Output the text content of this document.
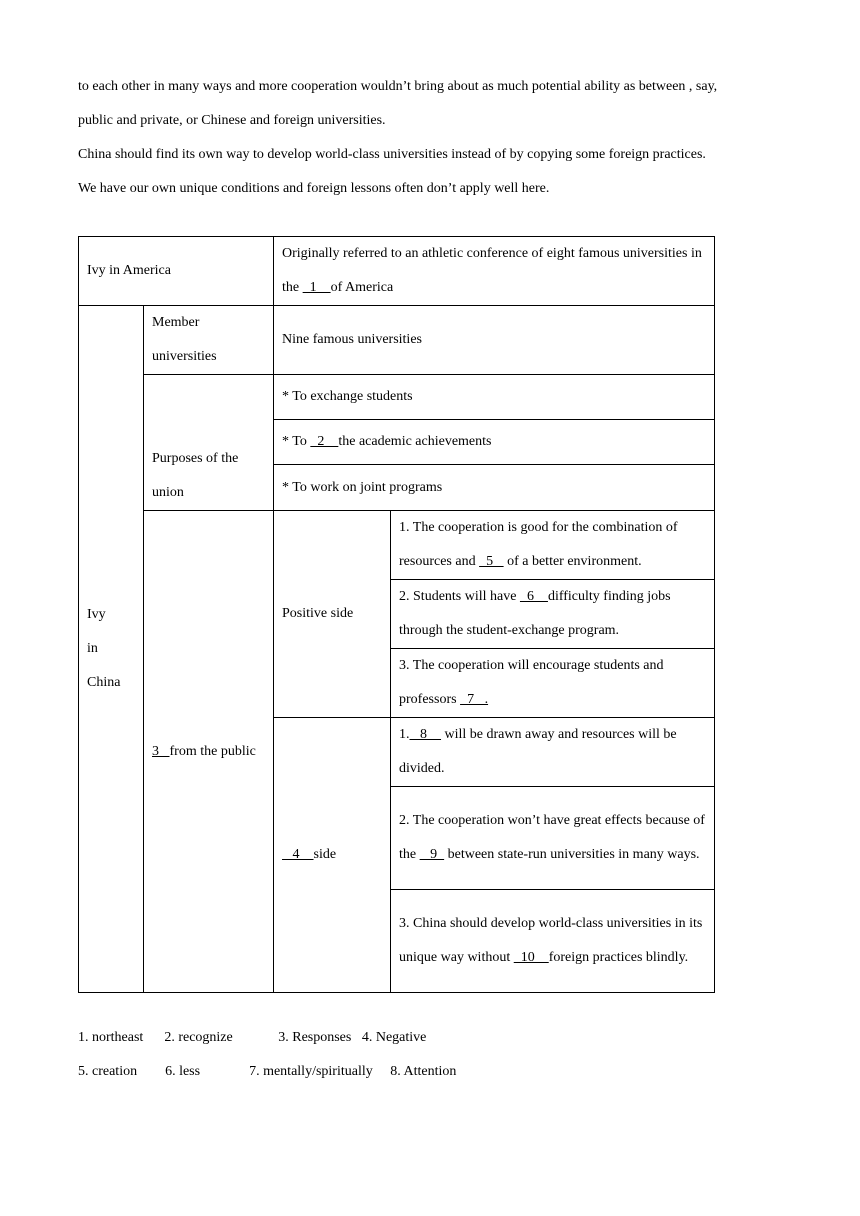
to each other in many ways and more cooperation wouldn’t bring about as much potential ability as between , say,

public and private, or Chinese and foreign universities.

China should find its own way to develop world-class universities instead of by copying some foreign practices.

We have our own unique conditions and foreign lessons often don’t apply well here.

Ivy in America		Originally referred to an athletic conference of eight famous universities in the   1    of America	
Ivy
in
China	Member universities	Nine famous universities	
	Purposes of the union	* To exchange students	
		* To   2    the academic achievements	
		* To work on joint programs	
	3   from the public	Positive side	1. The cooperation is good for the combination of resources and   5    of a better environment.
			2. Students will have   6    difficulty finding jobs through the student-exchange program.
			3. The cooperation will encourage students and professors   7   .
		4    side	1.   8     will be drawn away and resources will be divided.
			2. The cooperation won’t have great effects because of the    9   between state-run universities in many ways.
			3. China should develop world-class universities in its unique way without   10    foreign practices blindly.

1. northeast      2. recognize             3. Responses   4. Negative

5. creation        6. less              7. mentally/spiritually     8. Attention
